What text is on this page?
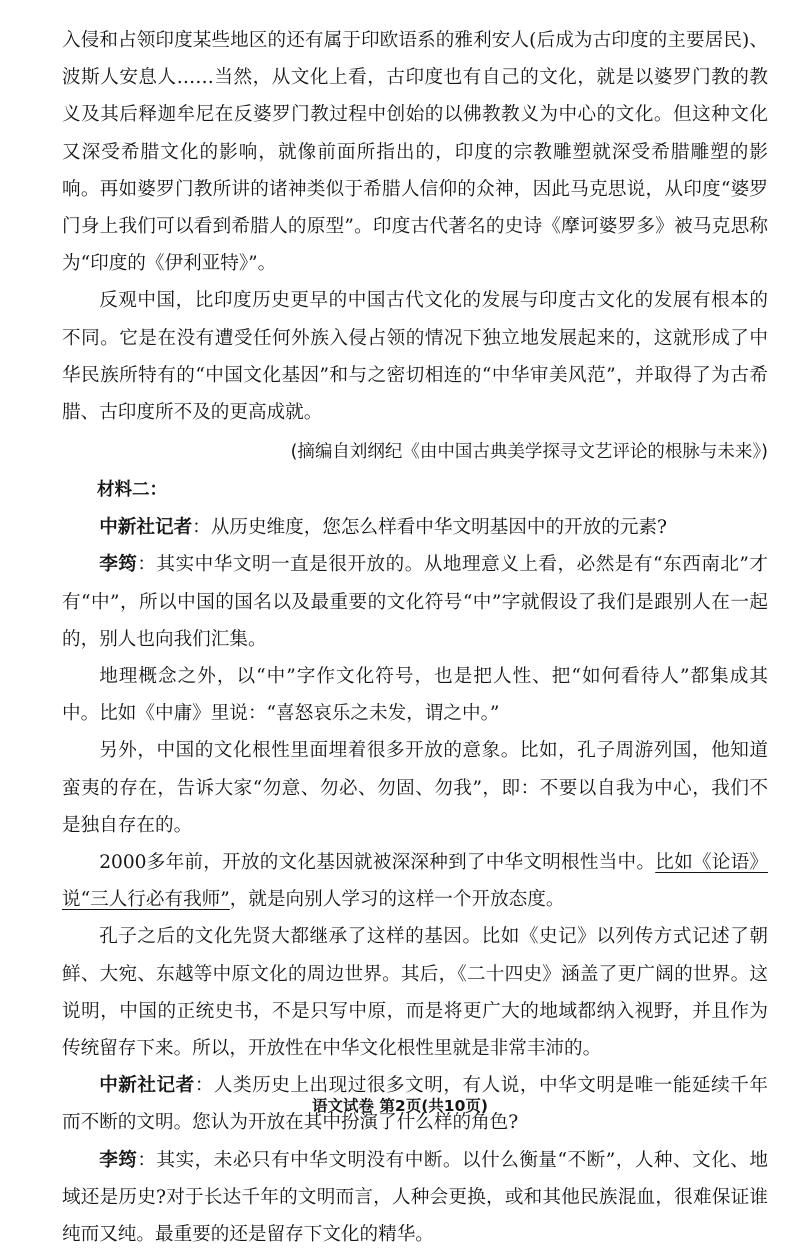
入侵和占领印度某些地区的还有属于印欧语系的雅利安人(后成为古印度的主要居民)、波斯人安息人……当然，从文化上看，古印度也有自己的文化，就是以婆罗门教的教义及其后释迦牟尼在反婆罗门教过程中创始的以佛教教义为中心的文化。但这种文化又深受希腊文化的影响，就像前面所指出的，印度的宗教雕塑就深受希腊雕塑的影响。再如婆罗门教所讲的诸神类似于希腊人信仰的众神，因此马克思说，从印度“婆罗门身上我们可以看到希腊人的原型”。印度古代著名的史诗《摩诃婆罗多》被马克思称为“印度的《伊利亚特》”。

反观中国，比印度历史更早的中国古代文化的发展与印度古文化的发展有根本的不同。它是在没有遭受任何外族入侵占领的情况下独立地发展起来的，这就形成了中华民族所特有的“中国文化基因”和与之密切相连的“中华审美风范”，并取得了为古希腊、古印度所不及的更高成就。

(摘编自刘纲纪《由中国古典美学探寻文艺评论的根脉与未来》)

材料二：

中新社记者：从历史维度，您怎么样看中华文明基因中的开放的元素?

李筠：其实中华文明一直是很开放的。从地理意义上看，必然是有“东西南北”才有“中”，所以中国的国名以及最重要的文化符号“中”字就假设了我们是跟别人在一起的，别人也向我们汇集。

地理概念之外，以“中”字作文化符号，也是把人性、把“如何看待人”都集成其中。比如《中庸》里说：“喜怒哀乐之未发，谓之中。”

另外，中国的文化根性里面埋着很多开放的意象。比如，孔子周游列国，他知道蛮夷的存在，告诉大家“勿意、勿必、勿固、勿我”，即：不要以自我为中心，我们不是独自存在的。

2000多年前，开放的文化基因就被深深种到了中华文明根性当中。比如《论语》说“三人行必有我师”，就是向别人学习的这样一个开放态度。

孔子之后的文化先贤大都继承了这样的基因。比如《史记》以列传方式记述了朝鲜、大宛、东越等中原文化的周边世界。其后，《二十四史》涵盖了更广阔的世界。这说明，中国的正统史书，不是只写中原，而是将更广大的地域都纳入视野，并且作为传统留存下来。所以，开放性在中华文化根性里就是非常丰沛的。

中新社记者：人类历史上出现过很多文明，有人说，中华文明是唯一能延续千年而不断的文明。您认为开放在其中扮演了什么样的角色?

李筠：其实，未必只有中华文明没有中断。以什么衡量“不断”，人种、文化、地域还是历史?对于长达千年的文明而言，人种会更换，或和其他民族混血，很难保证谁纯而又纯。最重要的还是留存下文化的精华。

语文试卷 第2页(共10页)
